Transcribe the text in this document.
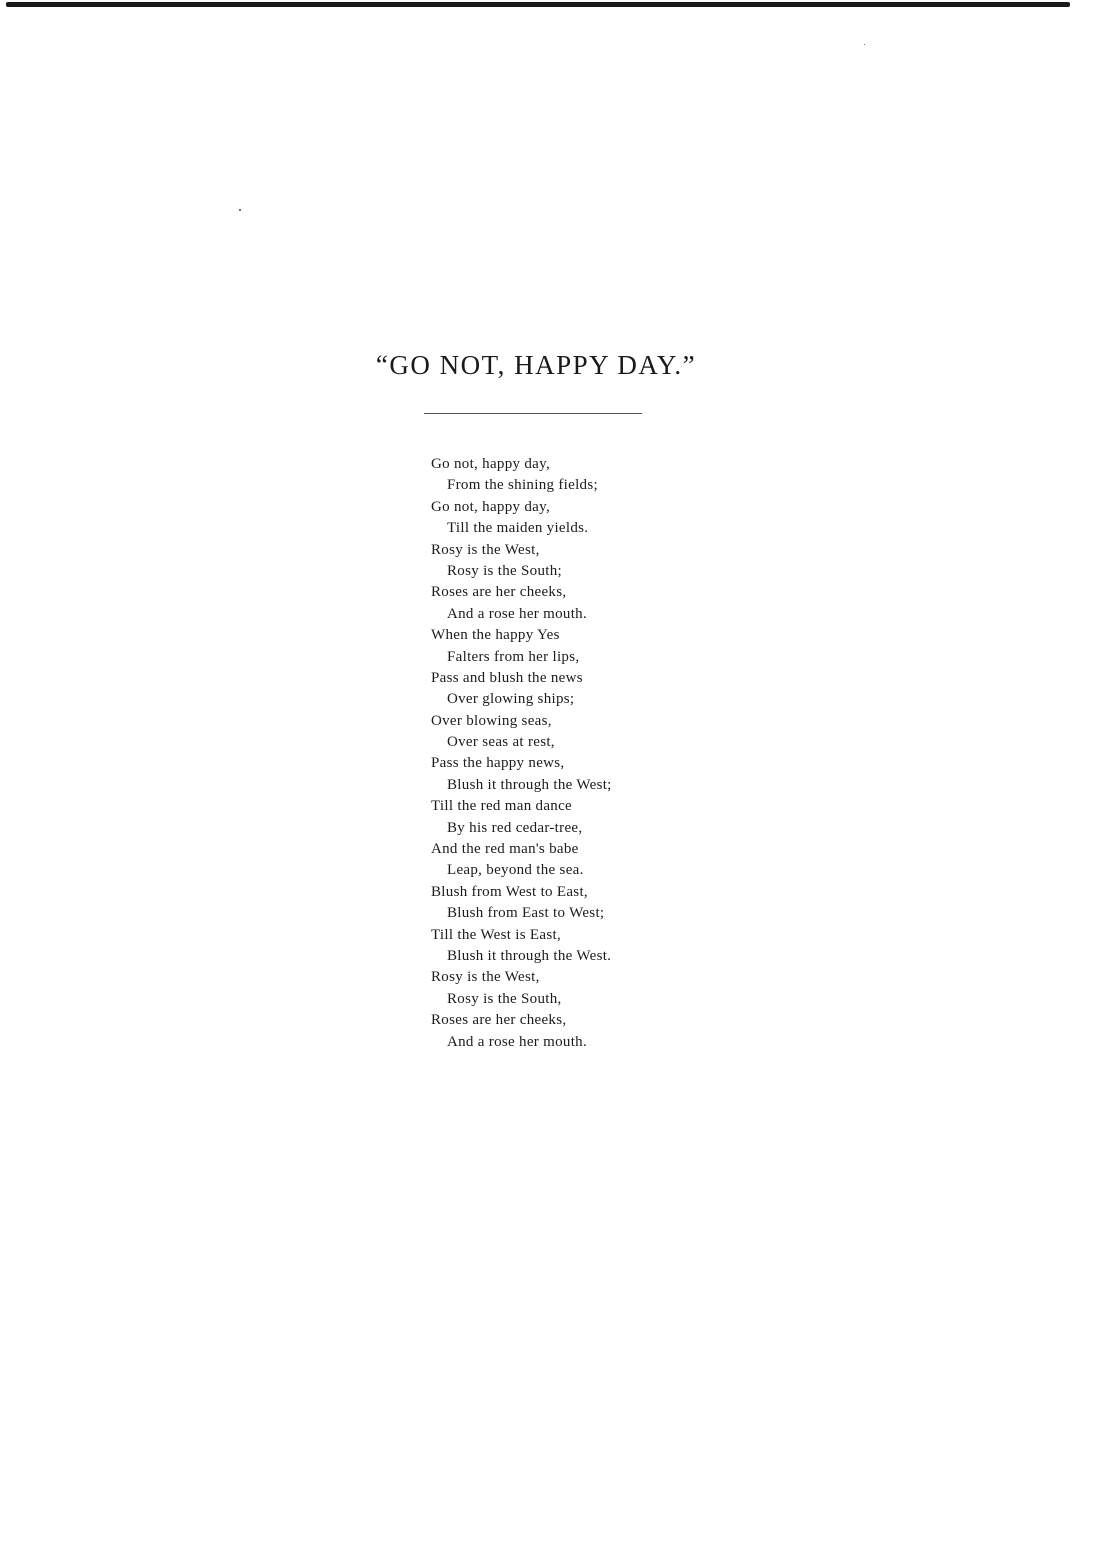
“GO NOT, HAPPY DAY.”
Go not, happy day,
From the shining fields;
Go not, happy day,
Till the maiden yields.
Rosy is the West,
Rosy is the South;
Roses are her cheeks,
And a rose her mouth.
When the happy Yes
Falters from her lips,
Pass and blush the news
Over glowing ships;
Over blowing seas,
Over seas at rest,
Pass the happy news,
Blush it through the West;
Till the red man dance
By his red cedar-tree,
And the red man's babe
Leap, beyond the sea.
Blush from West to East,
Blush from East to West;
Till the West is East,
Blush it through the West.
Rosy is the West,
Rosy is the South,
Roses are her cheeks,
And a rose her mouth.
